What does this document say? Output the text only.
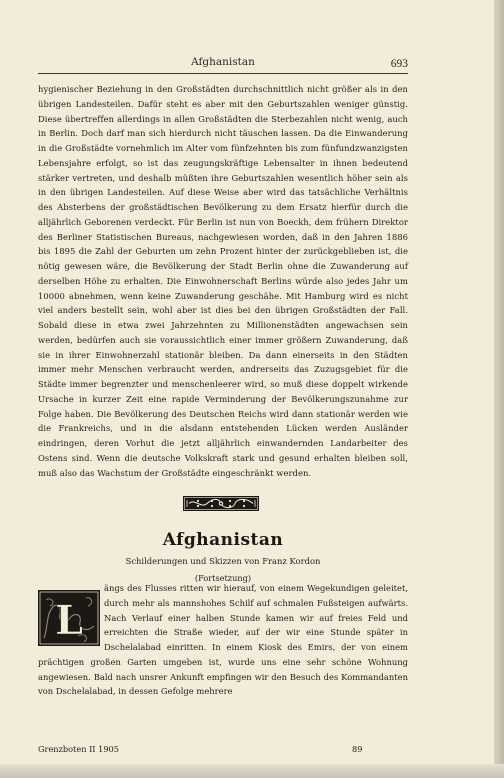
Afghanistan	693

hygienischer Beziehung in den Großstädten durchschnittlich nicht größer als in den übrigen Landesteilen. Dafür steht es aber mit den Geburtszahlen weniger günstig. Diese übertreffen allerdings in allen Großstädten die Sterbezahlen nicht wenig, auch in Berlin. Doch darf man sich hierdurch nicht täuschen lassen. Da die Einwanderung in die Großstädte vornehmlich im Alter vom fünfzehnten bis zum fünfundzwanzigsten Lebensjahre erfolgt, so ist das zeugungskräftige Lebensalter in ihnen bedeutend stärker vertreten, und deshalb müßten ihre Geburtszahlen wesentlich höher sein als in den übrigen Landesteilen. Auf diese Weise aber wird das tatsächliche Verhältnis des Absterbens der großstädtischen Bevölkerung zu dem Ersatz hierfür durch die alljährlich Geborenen verdeckt. Für Berlin ist nun von Boeckh, dem frühern Direktor des Berliner Statistischen Bureaus, nachgewiesen worden, daß in den Jahren 1886 bis 1895 die Zahl der Geburten um zehn Prozent hinter der zurückgeblieben ist, die nötig gewesen wäre, die Bevölkerung der Stadt Berlin ohne die Zuwanderung auf derselben Höhe zu erhalten. Die Einwohnerschaft Berlins würde also jedes Jahr um 10000 abnehmen, wenn keine Zuwanderung geschähe. Mit Hamburg wird es nicht viel anders bestellt sein, wohl aber ist dies bei den übrigen Großstädten der Fall. Sobald diese in etwa zwei Jahrzehnten zu Millionenstädten angewachsen sein werden, bedürfen auch sie voraussichtlich einer immer größern Zuwanderung, daß sie in ihrer Einwohnerzahl stationär bleiben. Da dann einerseits in den Städten immer mehr Menschen verbraucht werden, andrerseits das Zuzugsgebiet für die Städte immer begrenzter und menschenleerer wird, so muß diese doppelt wirkende Ursache in kurzer Zeit eine rapide Verminderung der Bevölkerungszunahme zur Folge haben. Die Bevölkerung des Deutschen Reichs wird dann stationär werden wie die Frankreichs, und in die alsdann entstehenden Lücken werden Ausländer eindringen, deren Vorhut die jetzt alljährlich einwandernden Landarbeiter des Ostens sind. Wenn die deutsche Volkskraft stark und gesund erhalten bleiben soll, muß also das Wachstum der Großstädte eingeschränkt werden.

Afghanistan
Schilderungen und Skizzen von Franz Kordon
(Fortsetzung)

ängs des Flusses ritten wir hierauf, von einem Wegekundigen geleitet, durch mehr als mannshohes Schilf auf schmalen Fußsteigen aufwärts. Nach Verlauf einer halben Stunde kamen wir auf freies Feld und erreichten die Straße wieder, auf der wir eine Stunde später in Dschelalabad einritten. In einem Kiosk des Emirs, der von einem prächtigen großen Garten umgeben ist, wurde uns eine sehr schöne Wohnung angewiesen. Bald nach unsrer Ankunft empfingen wir den Besuch des Kommandanten von Dschelalabad, in dessen Gefolge mehrere

L
Grenzboten II 1905	89
